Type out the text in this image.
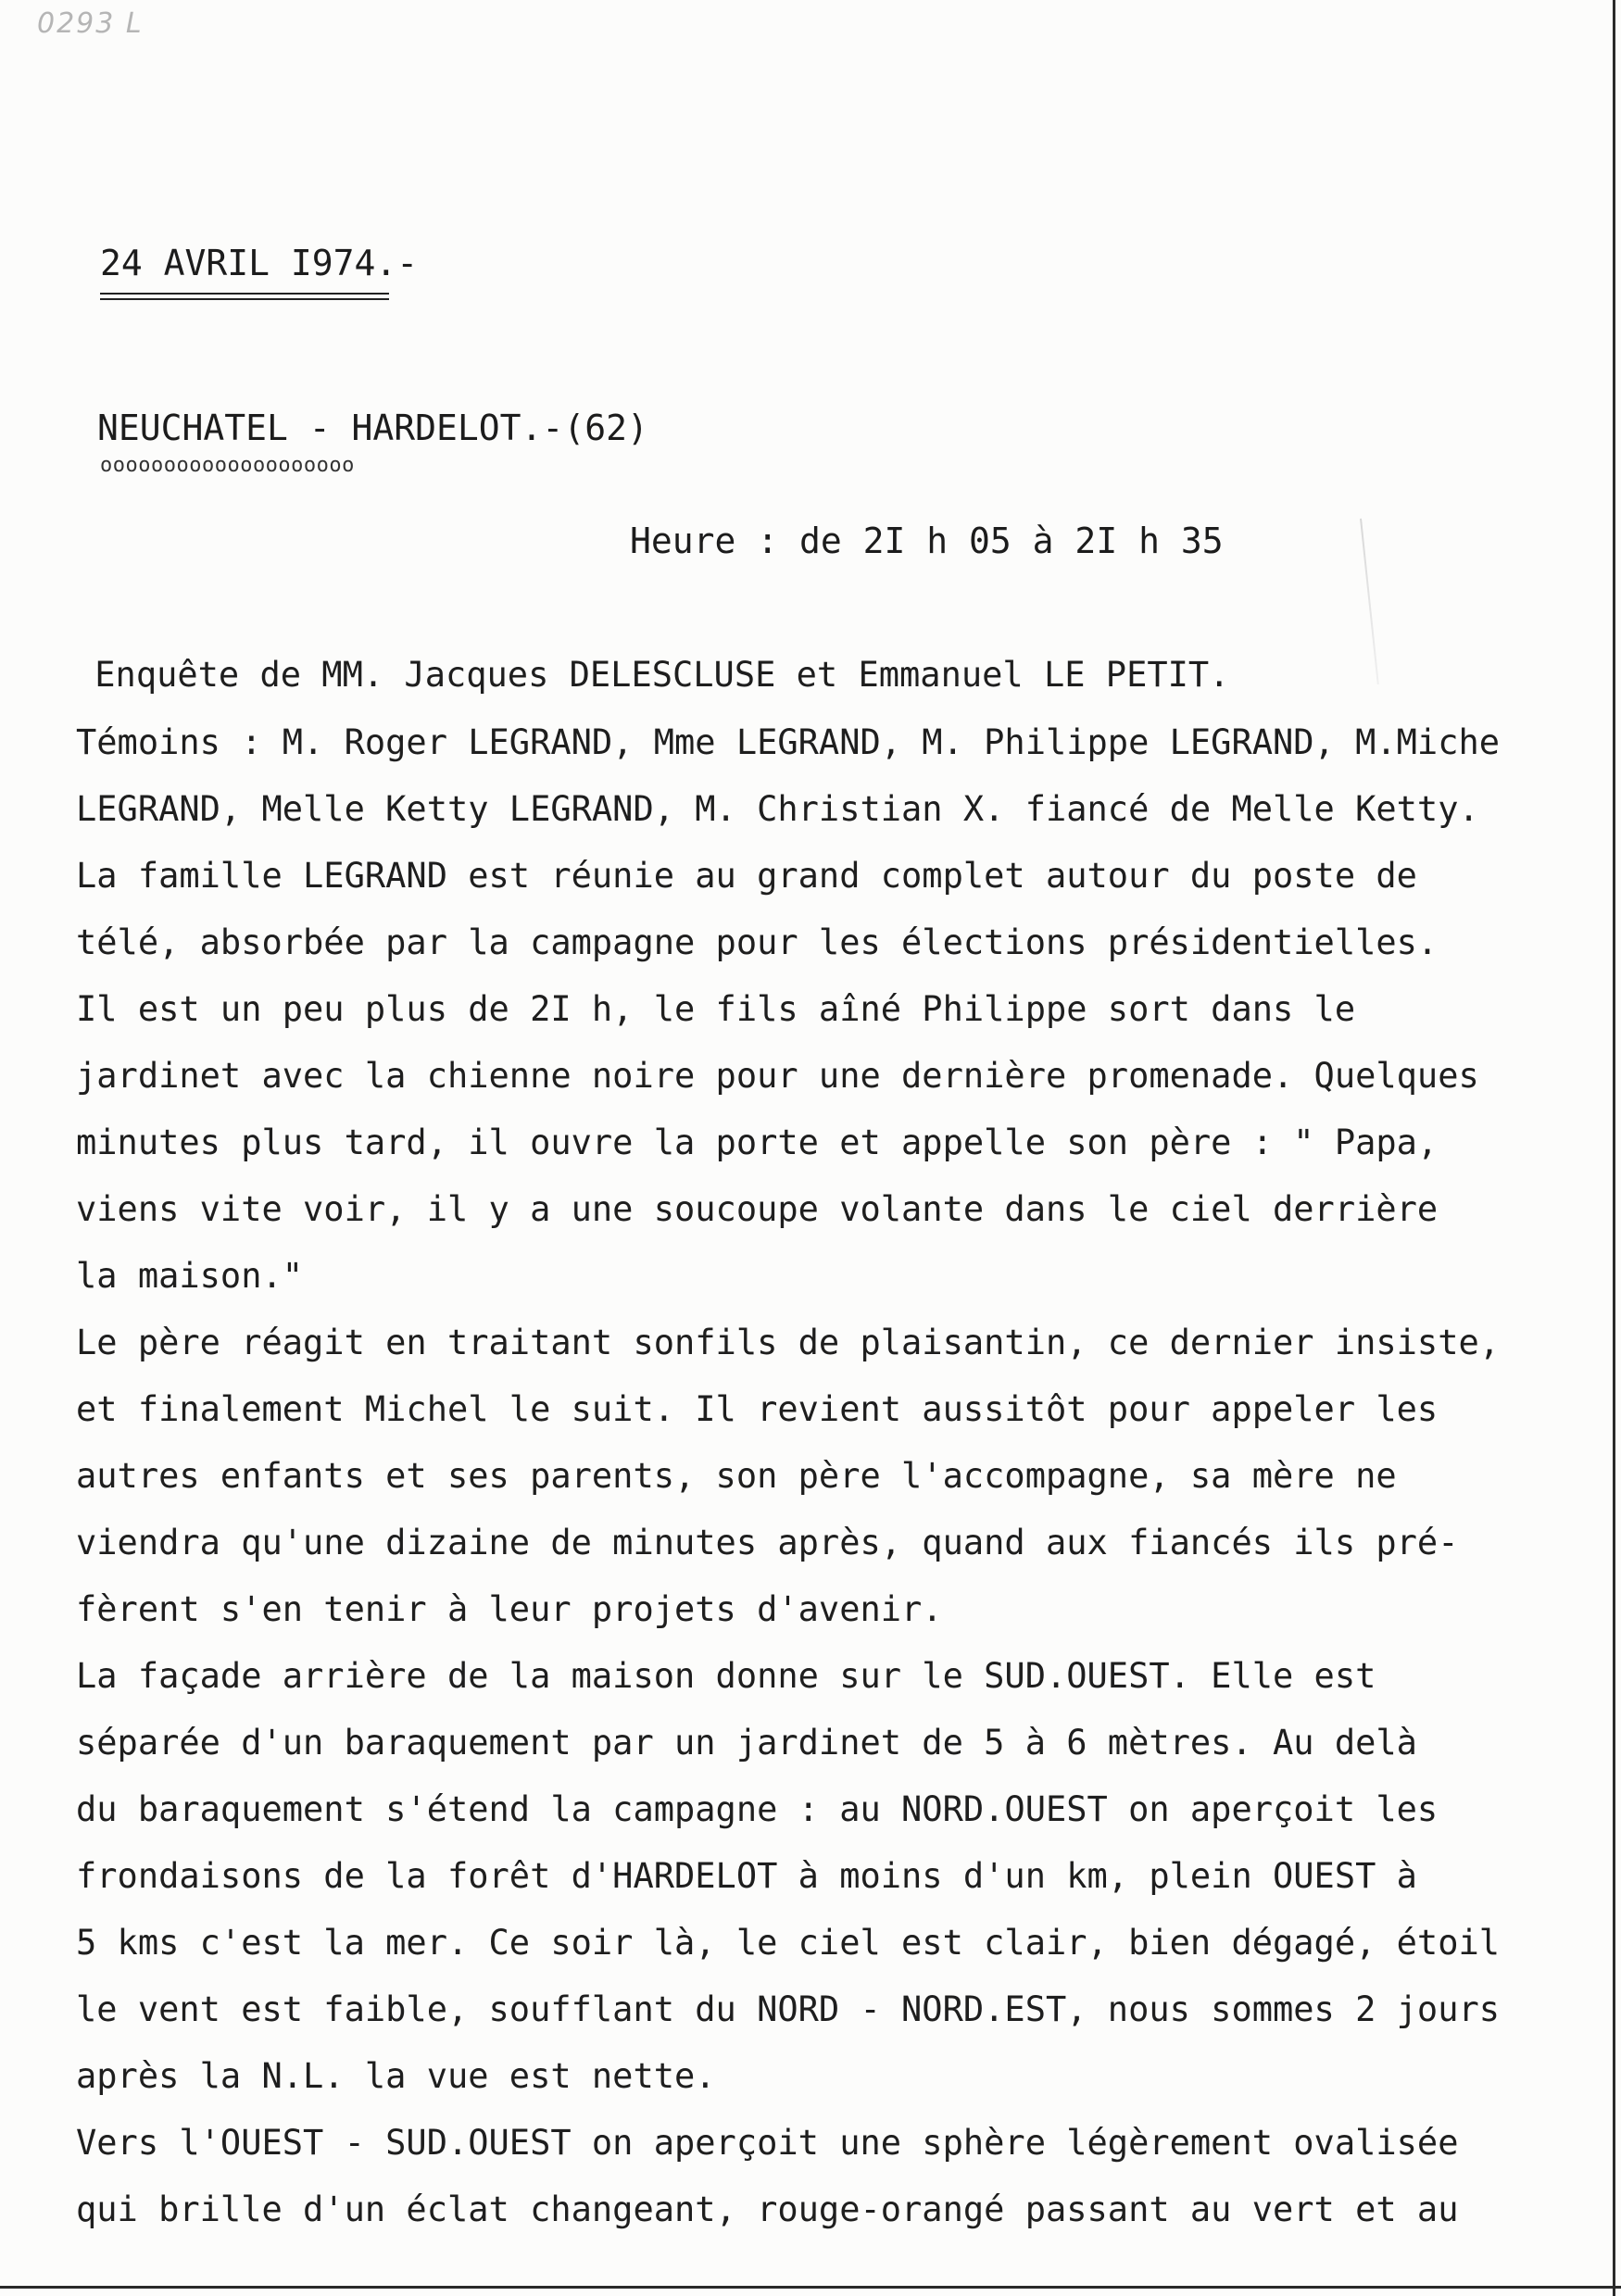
0293 L
24 AVRIL I974.-
NEUCHATEL - HARDELOT.-(62)
oooooooooooooooooooo
Heure : de 2I h 05 à 2I h 35
Enquête de MM. Jacques DELESCLUSE et Emmanuel LE PETIT.
Témoins : M. Roger LEGRAND, Mme LEGRAND, M. Philippe LEGRAND, M.Miche
LEGRAND, Melle Ketty LEGRAND, M. Christian X. fiancé de Melle Ketty.
La famille LEGRAND est réunie au grand complet autour du poste de
télé, absorbée par la campagne pour les élections présidentielles.
Il est un peu plus de 2I h, le fils aîné Philippe sort dans le
jardinet avec la chienne noire pour une dernière promenade. Quelques
minutes plus tard, il ouvre la porte et appelle son père : " Papa,
viens vite voir, il y a une soucoupe volante dans le ciel derrière
la maison."
Le père réagit en traitant sonfils de plaisantin, ce dernier insiste,
et finalement Michel le suit. Il revient aussitôt pour appeler les
autres enfants et ses parents, son père l'accompagne, sa mère ne
viendra qu'une dizaine de minutes après, quand aux fiancés ils pré-
fèrent s'en tenir à leur projets d'avenir.
La façade arrière de la maison donne sur le SUD.OUEST. Elle est
séparée d'un baraquement par un jardinet de 5 à 6 mètres. Au delà
du baraquement s'étend la campagne : au NORD.OUEST on aperçoit les
frondaisons de la forêt d'HARDELOT à moins d'un km, plein OUEST à
5 kms c'est la mer. Ce soir là, le ciel est clair, bien dégagé, étoil
le vent est faible, soufflant du NORD - NORD.EST, nous sommes 2 jours
après la N.L. la vue est nette.
Vers l'OUEST - SUD.OUEST on aperçoit une sphère légèrement ovalisée
qui brille d'un éclat changeant, rouge-orangé passant au vert et au
